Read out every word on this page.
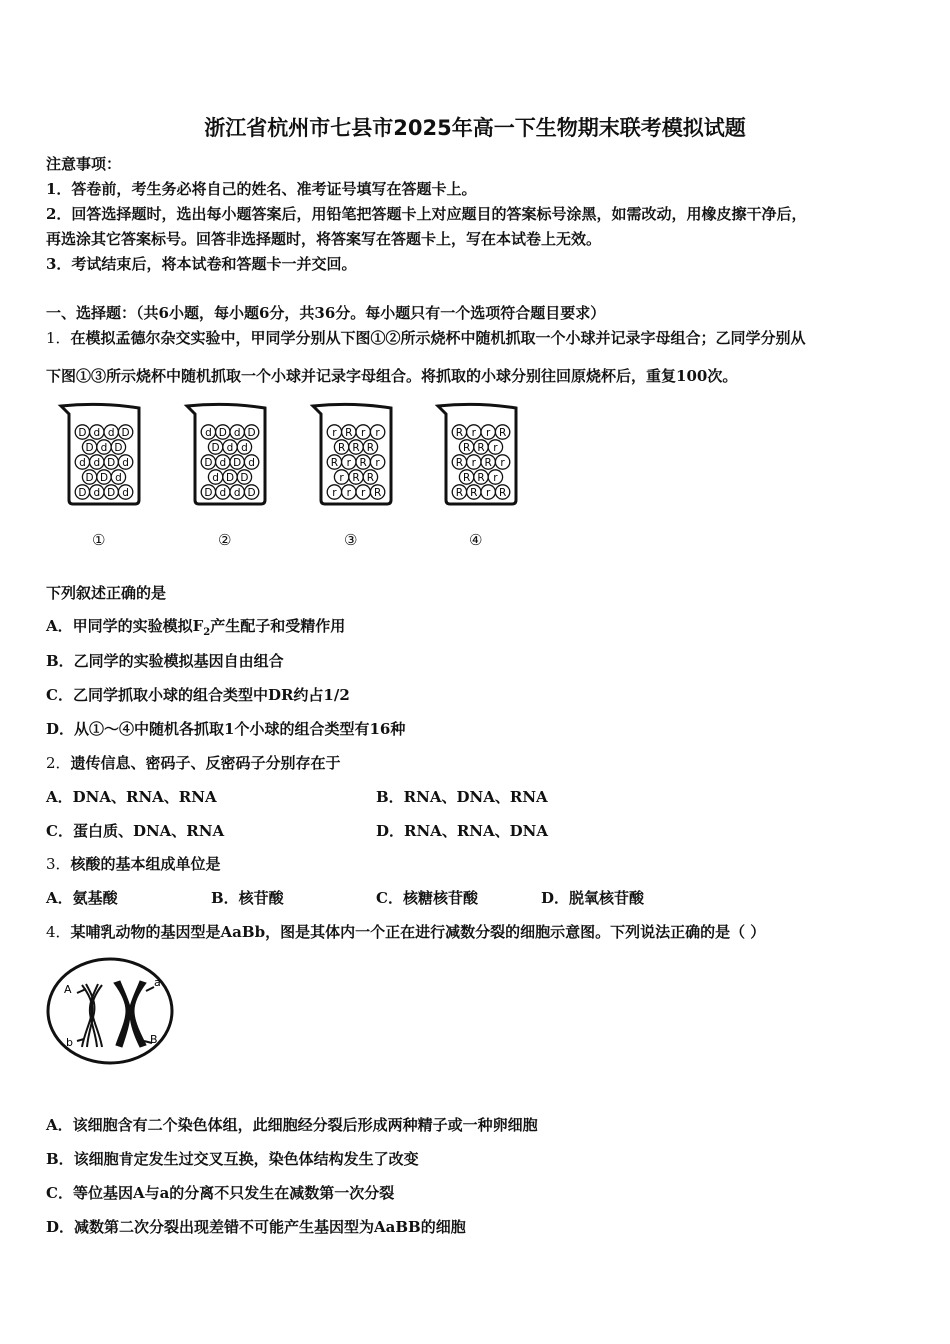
浙江省杭州市七县市2025年高一下生物期末联考模拟试题
注意事项：
1．答卷前，考生务必将自己的姓名、准考证号填写在答题卡上。
2．回答选择题时，选出每小题答案后，用铅笔把答题卡上对应题目的答案标号涂黑，如需改动，用橡皮擦干净后，
再选涂其它答案标号。回答非选择题时，将答案写在答题卡上，写在本试卷上无效。
3．考试结束后，将本试卷和答题卡一并交回。
一、选择题：（共6小题，每小题6分，共36分。每小题只有一个选项符合题目要求）
1．在模拟孟德尔杂交实验中，甲同学分别从下图①②所示烧杯中随机抓取一个小球并记录字母组合；乙同学分别从
下图①③所示烧杯中随机抓取一个小球并记录字母组合。将抓取的小球分别往回原烧杯后，重复100次。
D d d D
D d D
d d D d
D D d
D d D d
d D d D
D d d
D d D d
d D D
D d d D
r R r r
R R R
R r R r
r R R
r r r R
R r r R
R R r
R r R r
R R r
R R r R
①	②	③	④
下列叙述正确的是
A．甲同学的实验模拟$F_2$产生配子和受精作用
B．乙同学的实验模拟基因自由组合
C．乙同学抓取小球的组合类型中DR约占1/2
D．从①～④中随机各抓取1个小球的组合类型有16种
2．遗传信息、密码子、反密码子分别存在于
A．DNA、RNA、RNA	B．RNA、DNA、RNA
C．蛋白质、DNA、RNA	D．RNA、RNA、DNA
3．核酸的基本组成单位是
A．氨基酸	B．核苷酸	C．核糖核苷酸	D．脱氧核苷酸
4．某哺乳动物的基因型是AaBb，图是其体内一个正在进行减数分裂的细胞示意图。下列说法正确的是（ ）
A
a
b	B
A．该细胞含有二个染色体组，此细胞经分裂后形成两种精子或一种卵细胞
B．该细胞肯定发生过交叉互换，染色体结构发生了改变
C．等位基因A与a的分离不只发生在减数第一次分裂
D．减数第二次分裂出现差错不可能产生基因型为AaBB的细胞
